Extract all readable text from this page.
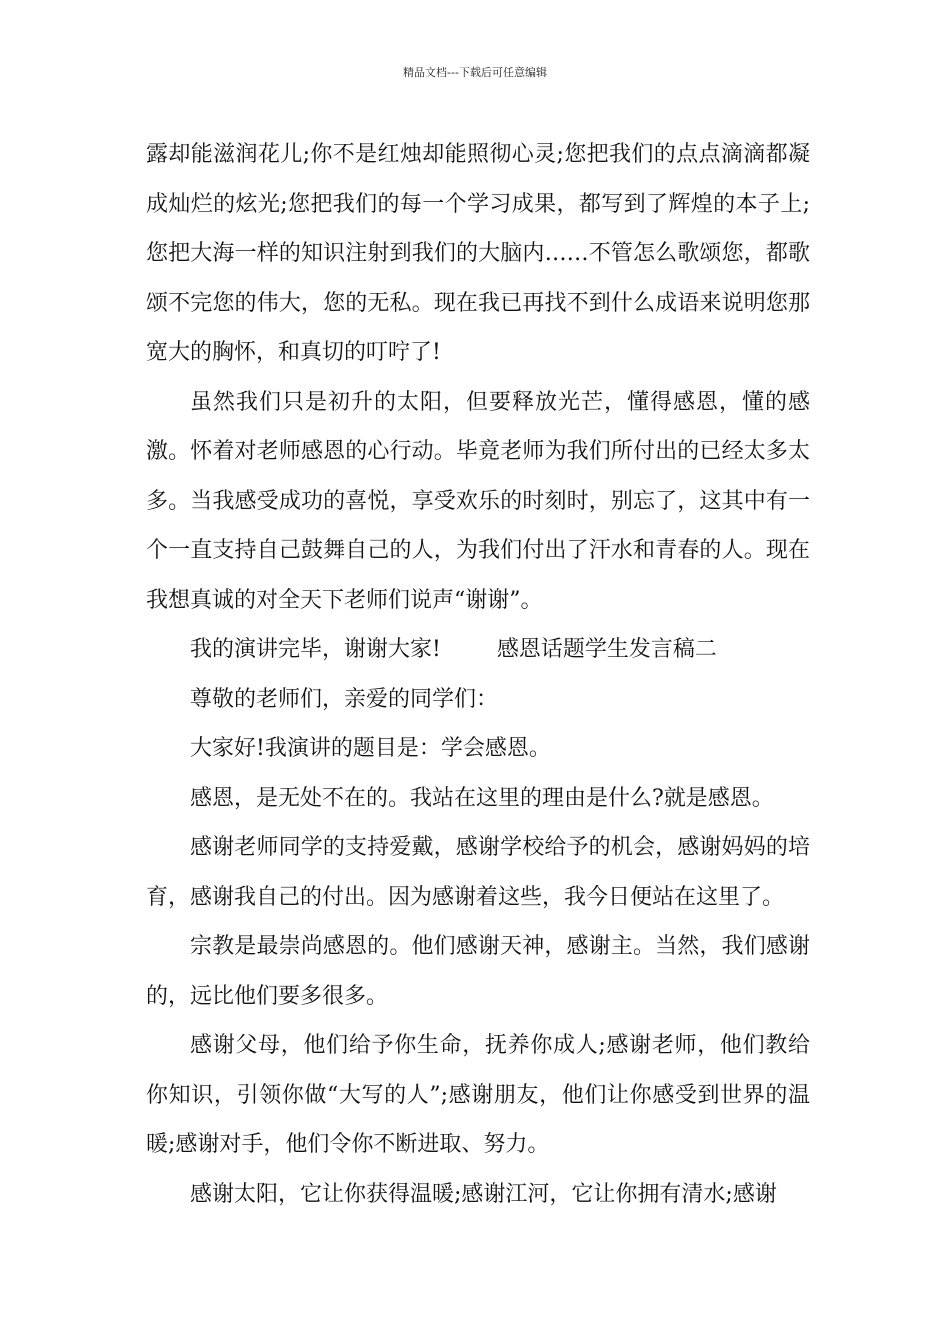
精品文档---下载后可任意编辑

露却能滋润花儿;你不是红烛却能照彻心灵;您把我们的点点滴滴都凝成灿烂的炫光;您把我们的每一个学习成果，都写到了辉煌的本子上;您把大海一样的知识注射到我们的大脑内……不管怎么歌颂您，都歌颂不完您的伟大，您的无私。现在我已再找不到什么成语来说明您那宽大的胸怀，和真切的叮咛了!

虽然我们只是初升的太阳，但要释放光芒，懂得感恩，懂的感激。怀着对老师感恩的心行动。毕竟老师为我们所付出的已经太多太多。当我感受成功的喜悦，享受欢乐的时刻时，别忘了，这其中有一个一直支持自己鼓舞自己的人，为我们付出了汗水和青春的人。现在我想真诚的对全天下老师们说声“谢谢”。

我的演讲完毕，谢谢大家!	感恩话题学生发言稿二

尊敬的老师们，亲爱的同学们：

大家好!我演讲的题目是：学会感恩。

感恩，是无处不在的。我站在这里的理由是什么?就是感恩。

感谢老师同学的支持爱戴，感谢学校给予的机会，感谢妈妈的培育，感谢我自己的付出。因为感谢着这些，我今日便站在这里了。

宗教是最崇尚感恩的。他们感谢天神，感谢主。当然，我们感谢的，远比他们要多很多。

感谢父母，他们给予你生命，抚养你成人;感谢老师，他们教给你知识，引领你做“大写的人”;感谢朋友，他们让你感受到世界的温暖;感谢对手，他们令你不断进取、努力。

感谢太阳，它让你获得温暖;感谢江河，它让你拥有清水;感谢
